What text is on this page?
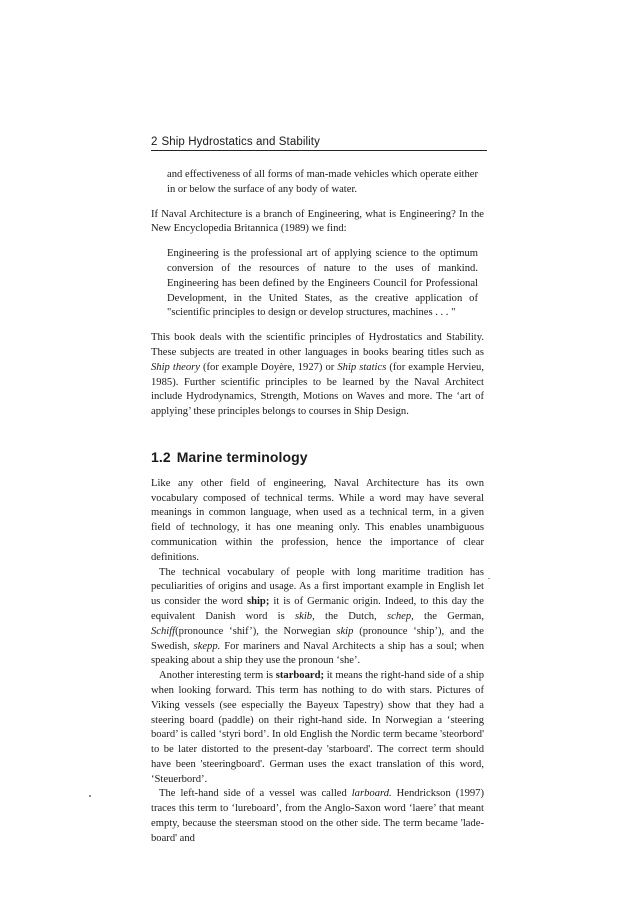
2 Ship Hydrostatics and Stability

and effectiveness of all forms of man-made vehicles which operate either in or below the surface of any body of water.

If Naval Architecture is a branch of Engineering, what is Engineering? In the New Encyclopedia Britannica (1989) we find:

Engineering is the professional art of applying science to the optimum conversion of the resources of nature to the uses of mankind. Engineering has been defined by the Engineers Council for Professional Development, in the United States, as the creative application of "scientific principles to design or develop structures, machines . . . "

This book deals with the scientific principles of Hydrostatics and Stability. These subjects are treated in other languages in books bearing titles such as Ship theory (for example Doyère, 1927) or Ship statics (for example Hervieu, 1985). Further scientific principles to be learned by the Naval Architect include Hydrodynamics, Strength, Motions on Waves and more. The ‘art of applying’ these principles belongs to courses in Ship Design.

1.2 Marine terminology

Like any other field of engineering, Naval Architecture has its own vocabulary composed of technical terms. While a word may have several meanings in common language, when used as a technical term, in a given field of technology, it has one meaning only. This enables unambiguous communication within the profession, hence the importance of clear definitions.

The technical vocabulary of people with long maritime tradition has peculiarities of origins and usage. As a first important example in English let us consider the word ship; it is of Germanic origin. Indeed, to this day the equivalent Danish word is skib, the Dutch, schep, the German, Schiff(pronounce ‘shif’), the Norwegian skip (pronounce ‘ship’), and the Swedish, skepp. For mariners and Naval Architects a ship has a soul; when speaking about a ship they use the pronoun ‘she’.

Another interesting term is starboard; it means the right-hand side of a ship when looking forward. This term has nothing to do with stars. Pictures of Viking vessels (see especially the Bayeux Tapestry) show that they had a steering board (paddle) on their right-hand side. In Norwegian a ‘steering board’ is called ‘styri bord’. In old English the Nordic term became 'steorbord' to be later distorted to the present-day 'starboard'. The correct term should have been 'steeringboard'. German uses the exact translation of this word, ‘Steuerbord’.

The left-hand side of a vessel was called larboard. Hendrickson (1997) traces this term to ‘lureboard’, from the Anglo-Saxon word ‘laere’ that meant empty, because the steersman stood on the other side. The term became 'lade-board' and
